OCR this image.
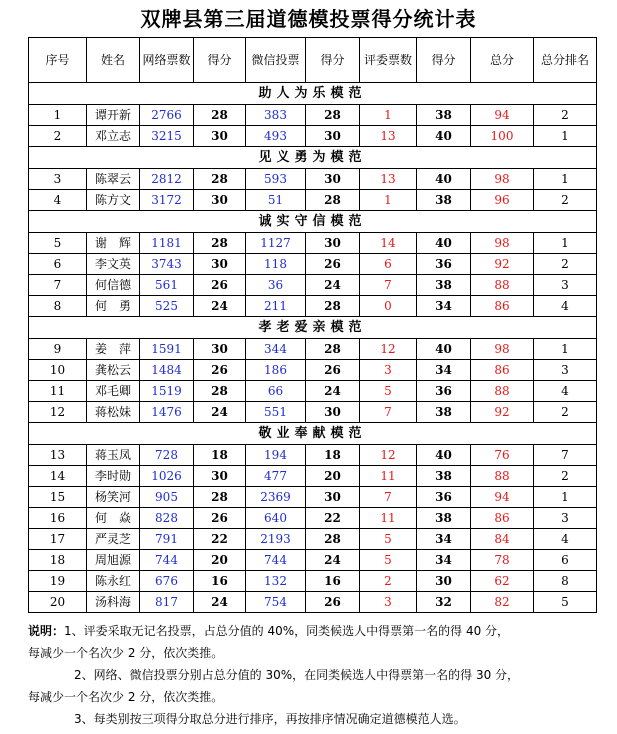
双牌县第三届道德模投票得分统计表
序号	姓名	网络票数	得分	微信投票	得分	评委票数	得分	总分	总分排名
助人为乐模范									
1	谭开新	2766	28	383	28	1	38	94	2
2	邓立志	3215	30	493	30	13	40	100	1
见义勇为模范									
3	陈翠云	2812	28	593	30	13	40	98	1
4	陈方文	3172	30	51	28	1	38	96	2
诚实守信模范									
5	谢　辉	1181	28	1127	30	14	40	98	1
6	李文英	3743	30	118	26	6	36	92	2
7	何信德	561	26	36	24	7	38	88	3
8	何　勇	525	24	211	28	0	34	86	4
孝老爱亲模范									
9	姜　萍	1591	30	344	28	12	40	98	1
10	龚松云	1484	26	186	26	3	34	86	3
11	邓毛卿	1519	28	66	24	5	36	88	4
12	蒋松妹	1476	24	551	30	7	38	92	2
敬业奉献模范									
13	蒋玉凤	728	18	194	18	12	40	76	7
14	李时勋	1026	30	477	20	11	38	88	2
15	杨笑河	905	28	2369	30	7	36	94	1
16	何　焱	828	26	640	22	11	38	86	3
17	严灵芝	791	22	2193	28	5	34	84	4
18	周旭源	744	20	744	24	5	34	78	6
19	陈永红	676	16	132	16	2	30	62	8
20	汤科海	817	24	754	26	3	32	82	5

说明：1、评委采取无记名投票，占总分值的 40%，同类候选人中得票第一名的得 40 分，

每减少一个名次少 2 分，依次类推。

2、网络、微信投票分别占总分值的 30%，在同类候选人中得票第一名的得 30 分，

每减少一个名次少 2 分，依次类推。

3、每类别按三项得分取总分进行排序，再按排序情况确定道德模范人选。
